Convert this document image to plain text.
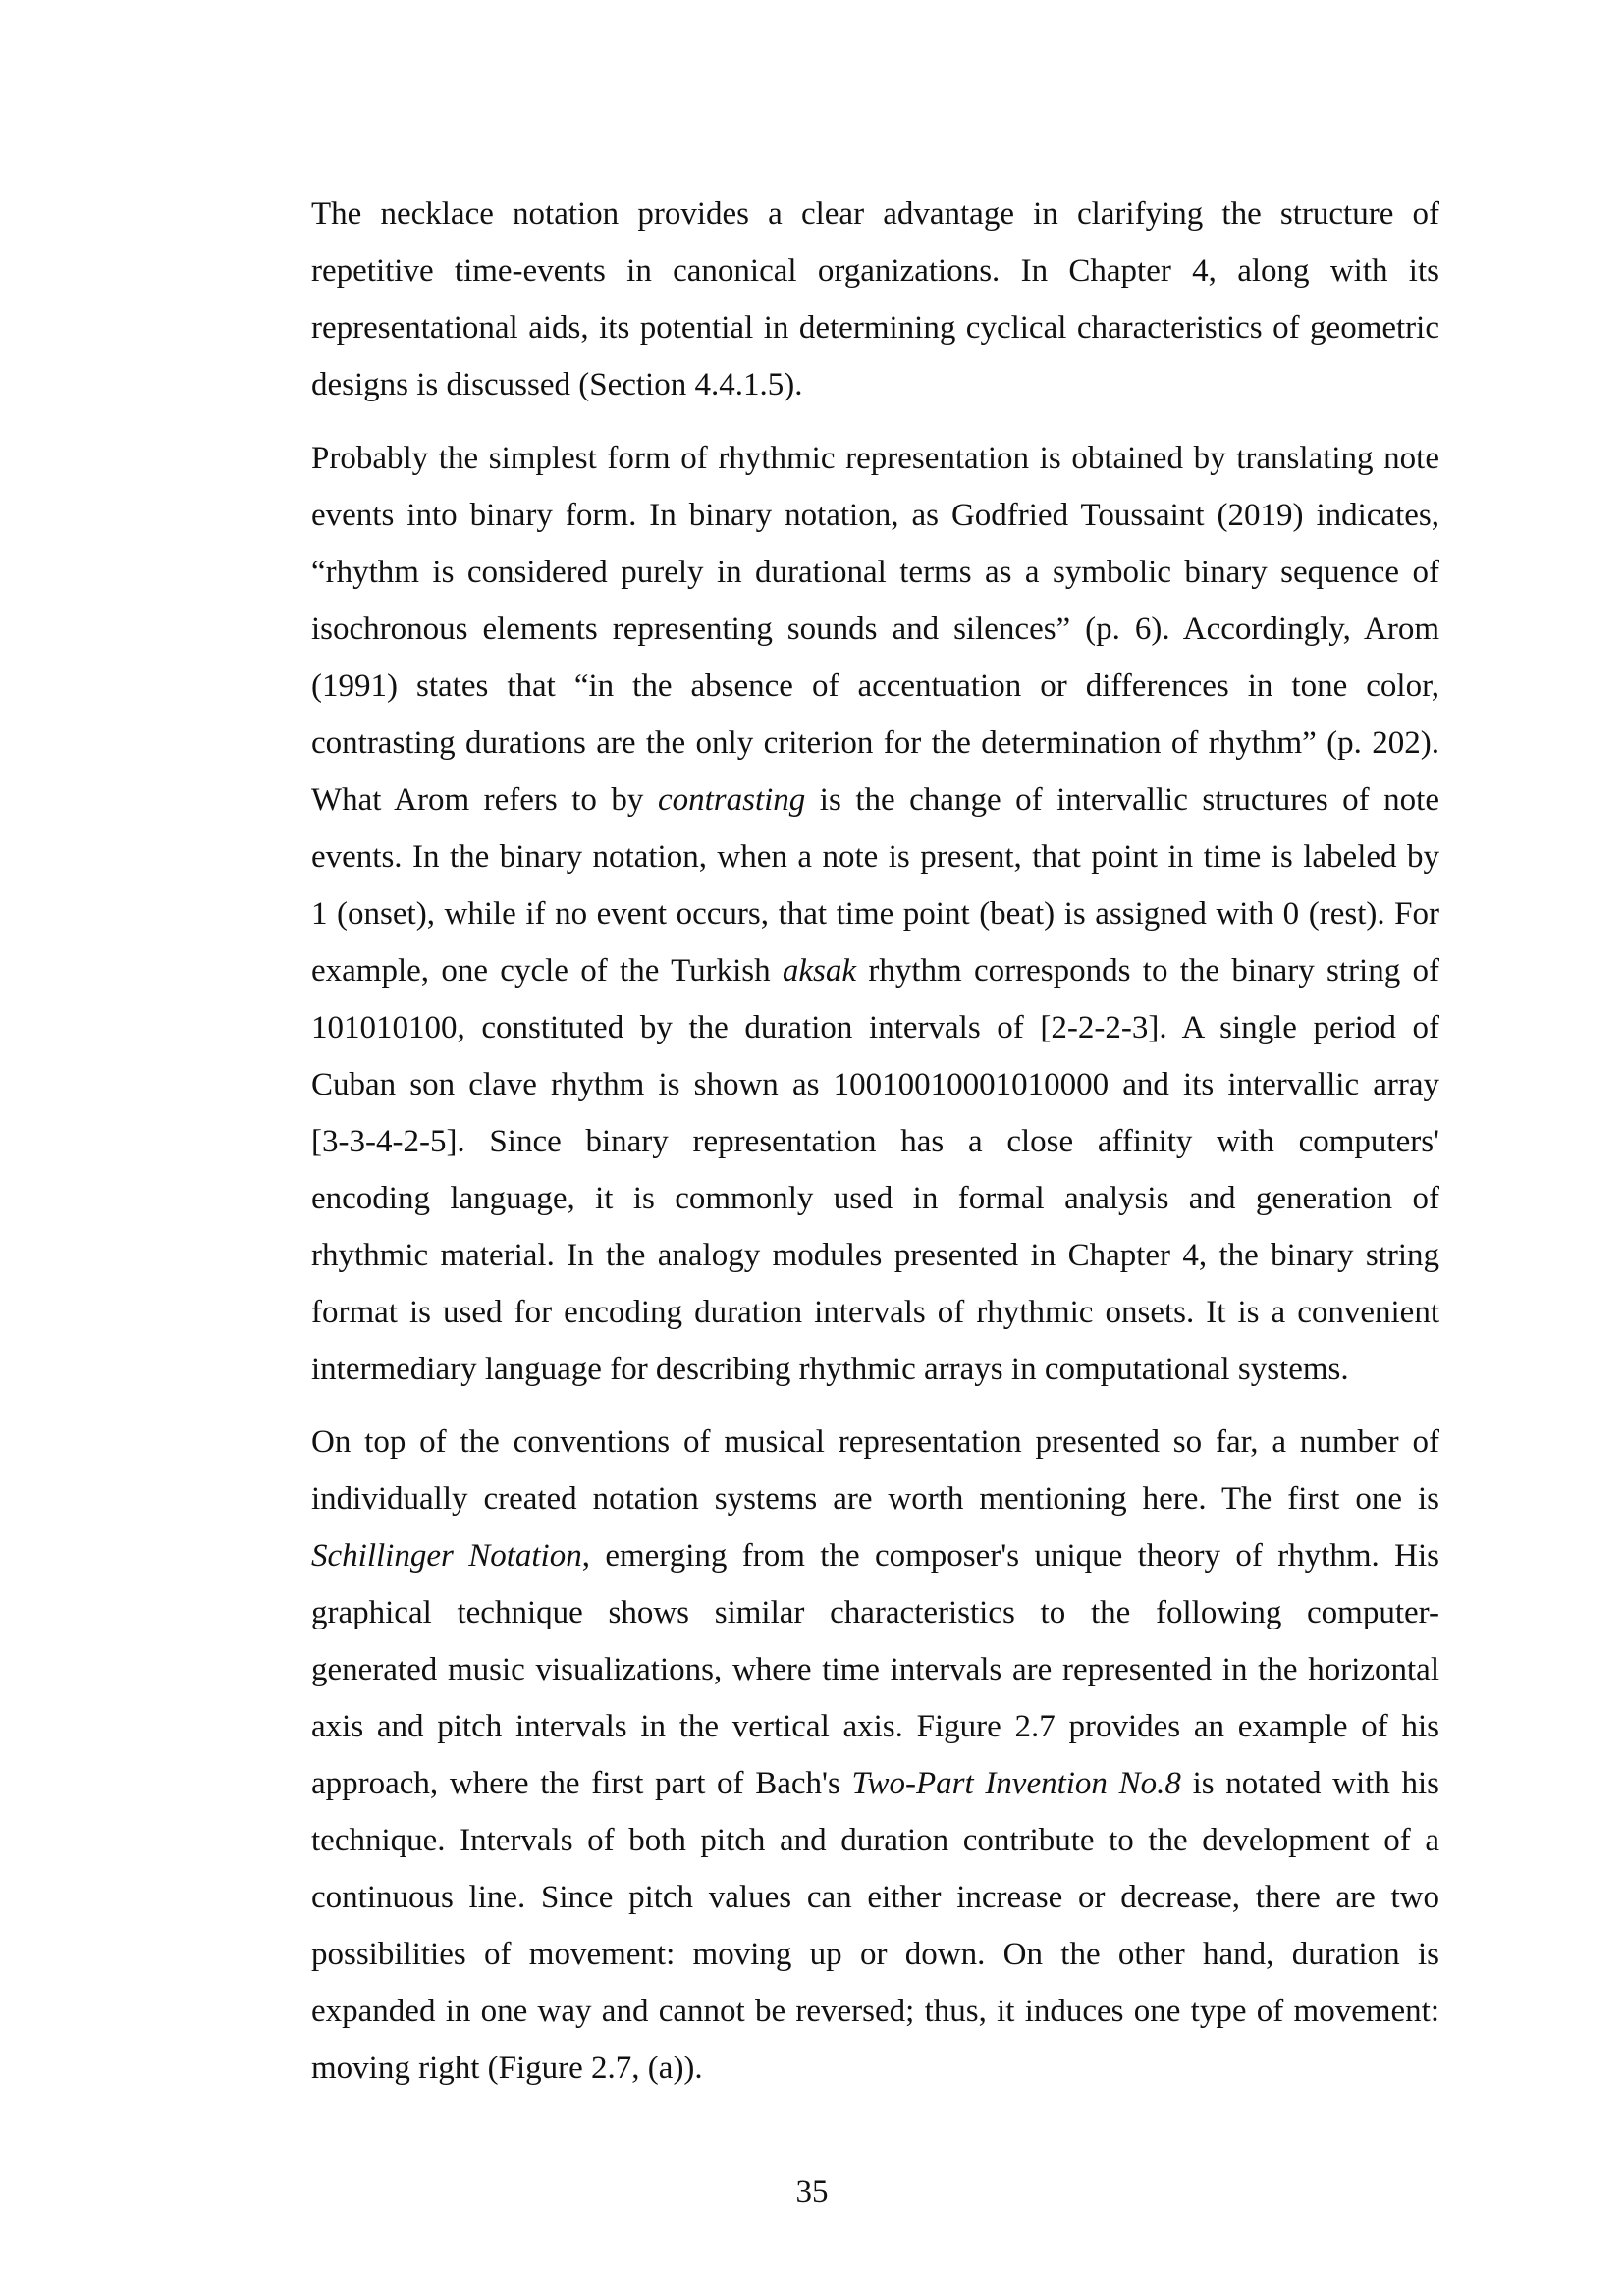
The necklace notation provides a clear advantage in clarifying the structure of
repetitive time-events in canonical organizations. In Chapter 4, along with its
representational aids, its potential in determining cyclical characteristics of geometric
designs is discussed (Section 4.4.1.5).
Probably the simplest form of rhythmic representation is obtained by translating note
events into binary form. In binary notation, as Godfried Toussaint (2019) indicates,
“rhythm is considered purely in durational terms as a symbolic binary sequence of
isochronous elements representing sounds and silences” (p. 6). Accordingly, Arom
(1991) states that “in the absence of accentuation or differences in tone color,
contrasting durations are the only criterion for the determination of rhythm” (p. 202).
What Arom refers to by contrasting is the change of intervallic structures of note
events. In the binary notation, when a note is present, that point in time is labeled by
1 (onset), while if no event occurs, that time point (beat) is assigned with 0 (rest). For
example, one cycle of the Turkish aksak rhythm corresponds to the binary string of
101010100, constituted by the duration intervals of [2-2-2-3]. A single period of
Cuban son clave rhythm is shown as 10010010001010000 and its intervallic array
[3-3-4-2-5]. Since binary representation has a close affinity with computers'
encoding language, it is commonly used in formal analysis and generation of
rhythmic material. In the analogy modules presented in Chapter 4, the binary string
format is used for encoding duration intervals of rhythmic onsets. It is a convenient
intermediary language for describing rhythmic arrays in computational systems.
On top of the conventions of musical representation presented so far, a number of
individually created notation systems are worth mentioning here. The first one is
Schillinger Notation, emerging from the composer's unique theory of rhythm. His
graphical technique shows similar characteristics to the following computer-
generated music visualizations, where time intervals are represented in the horizontal
axis and pitch intervals in the vertical axis. Figure 2.7 provides an example of his
approach, where the first part of Bach's Two-Part Invention No.8 is notated with his
technique. Intervals of both pitch and duration contribute to the development of a
continuous line. Since pitch values can either increase or decrease, there are two
possibilities of movement: moving up or down. On the other hand, duration is
expanded in one way and cannot be reversed; thus, it induces one type of movement:
moving right (Figure 2.7, (a)).
35
